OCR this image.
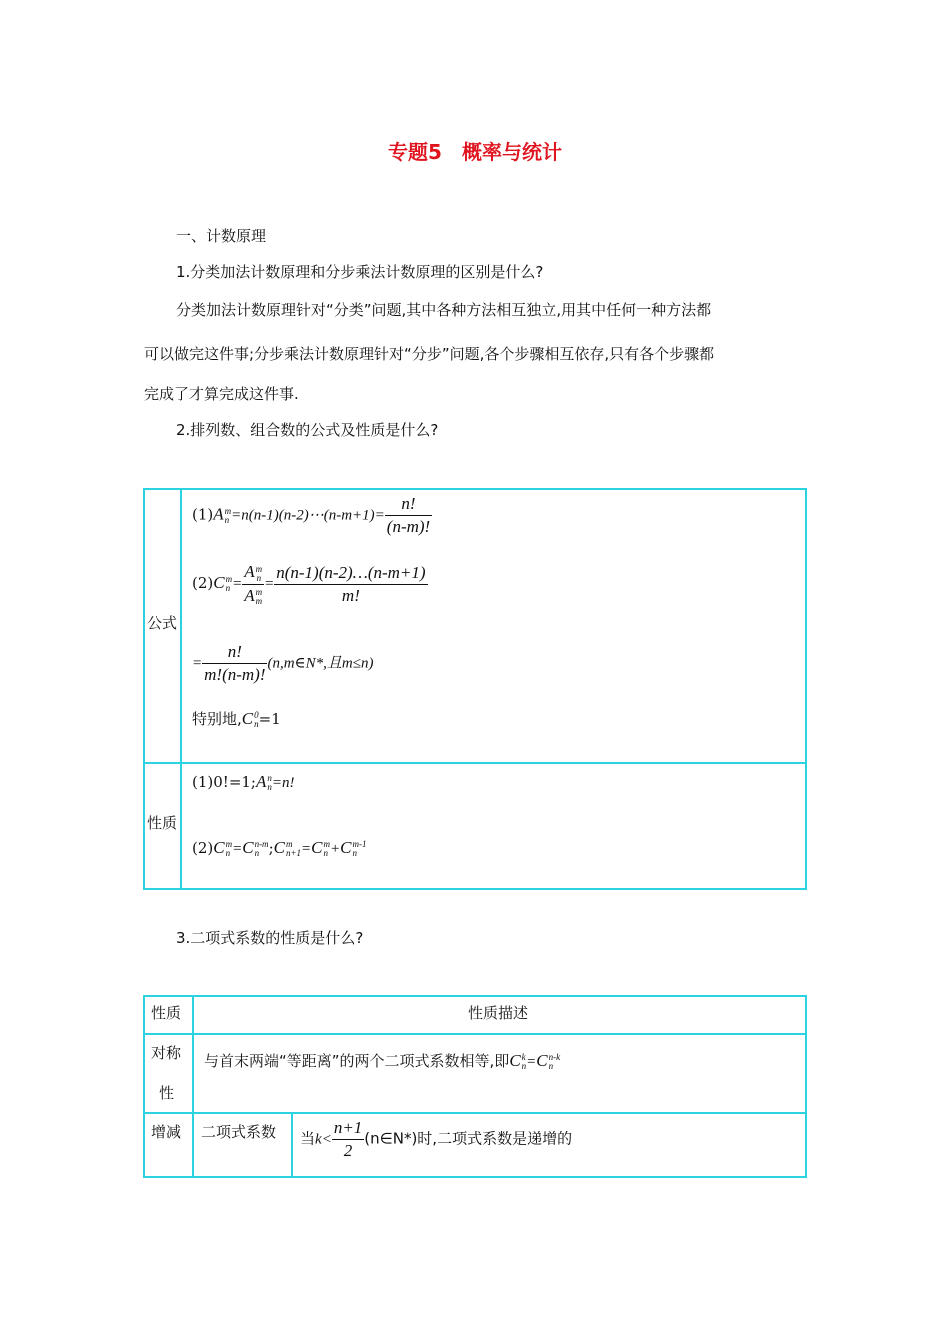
专题5　概率与统计
一、计数原理
1.分类加法计数原理和分步乘法计数原理的区别是什么?
分类加法计数原理针对“分类”问题,其中各种方法相互独立,用其中任何一种方法都
可以做完这件事;分步乘法计数原理针对“分步”问题,各个步骤相互依存,只有各个步骤都
完成了才算完成这件事.
2.排列数、组合数的公式及性质是什么?
公式
性质
(1)A m
n =n(n-1)(n-2)⋯(n-m+1)= $\frac{n!}{(n-m)!}$
(2)C m
n = A m
n
A m
$m = \frac{n(n-1)(n-2)\dots(n-m+1)}{m!}$
= $\frac{n!}{m!(n-m)!}$ (n,m∈N*,且m≤n)
特别地,C 0
n =1
(1)0!=1;A n
n =n!
(2)C m
n =C n-m
n ;C m
n+1 =C m
n +C m-1
n
3.二项式系数的性质是什么?
性质	性质描述
对称
性
与首末两端“等距离”的两个二项式系数相等,即C k
n =C n-k
n
增减 二项式系数 当$k< \frac{n+1}{2}$ (n∈N*)时,二项式系数是递增的
